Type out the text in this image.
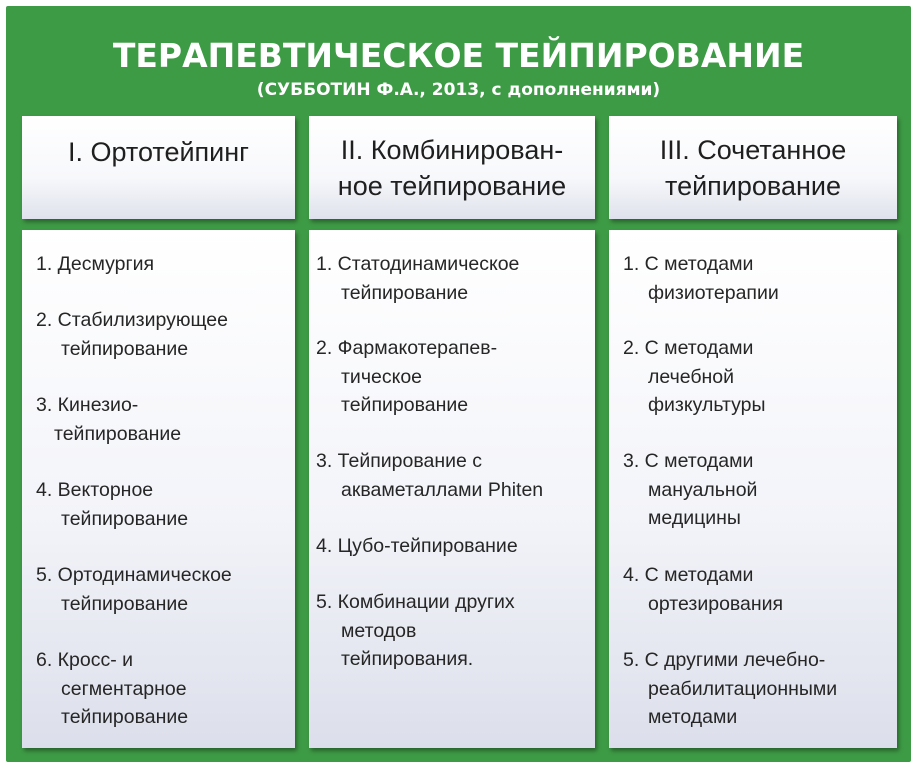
ТЕРАПЕВТИЧЕСКОЕ ТЕЙПИРОВАНИЕ
(СУББОТИН Ф.А., 2013, с дополнениями)
I. Ортотейпинг	II. Комбинирован-
ное тейпирование
III. Сочетанное
тейпирование
1. Десмургия
2. Стабилизирующее
тейпирование
3. Кинезио-
тейпирование
4. Векторное
тейпирование
5. Ортодинамическое
тейпирование
6. Кросс- и
сегментарное
тейпирование
1. Статодинамическое
тейпирование
2. Фармакотерапев-
тическое
тейпирование
3. Тейпирование с
акваметаллами Phiten
4. Цубо-тейпирование
5. Комбинации других
методов
тейпирования.
1. С методами
физиотерапии
2. С методами
лечебной
физкультуры
3. С методами
мануальной
медицины
4. С методами
ортезирования
5. С другими лечебно-
реабилитационными
методами
